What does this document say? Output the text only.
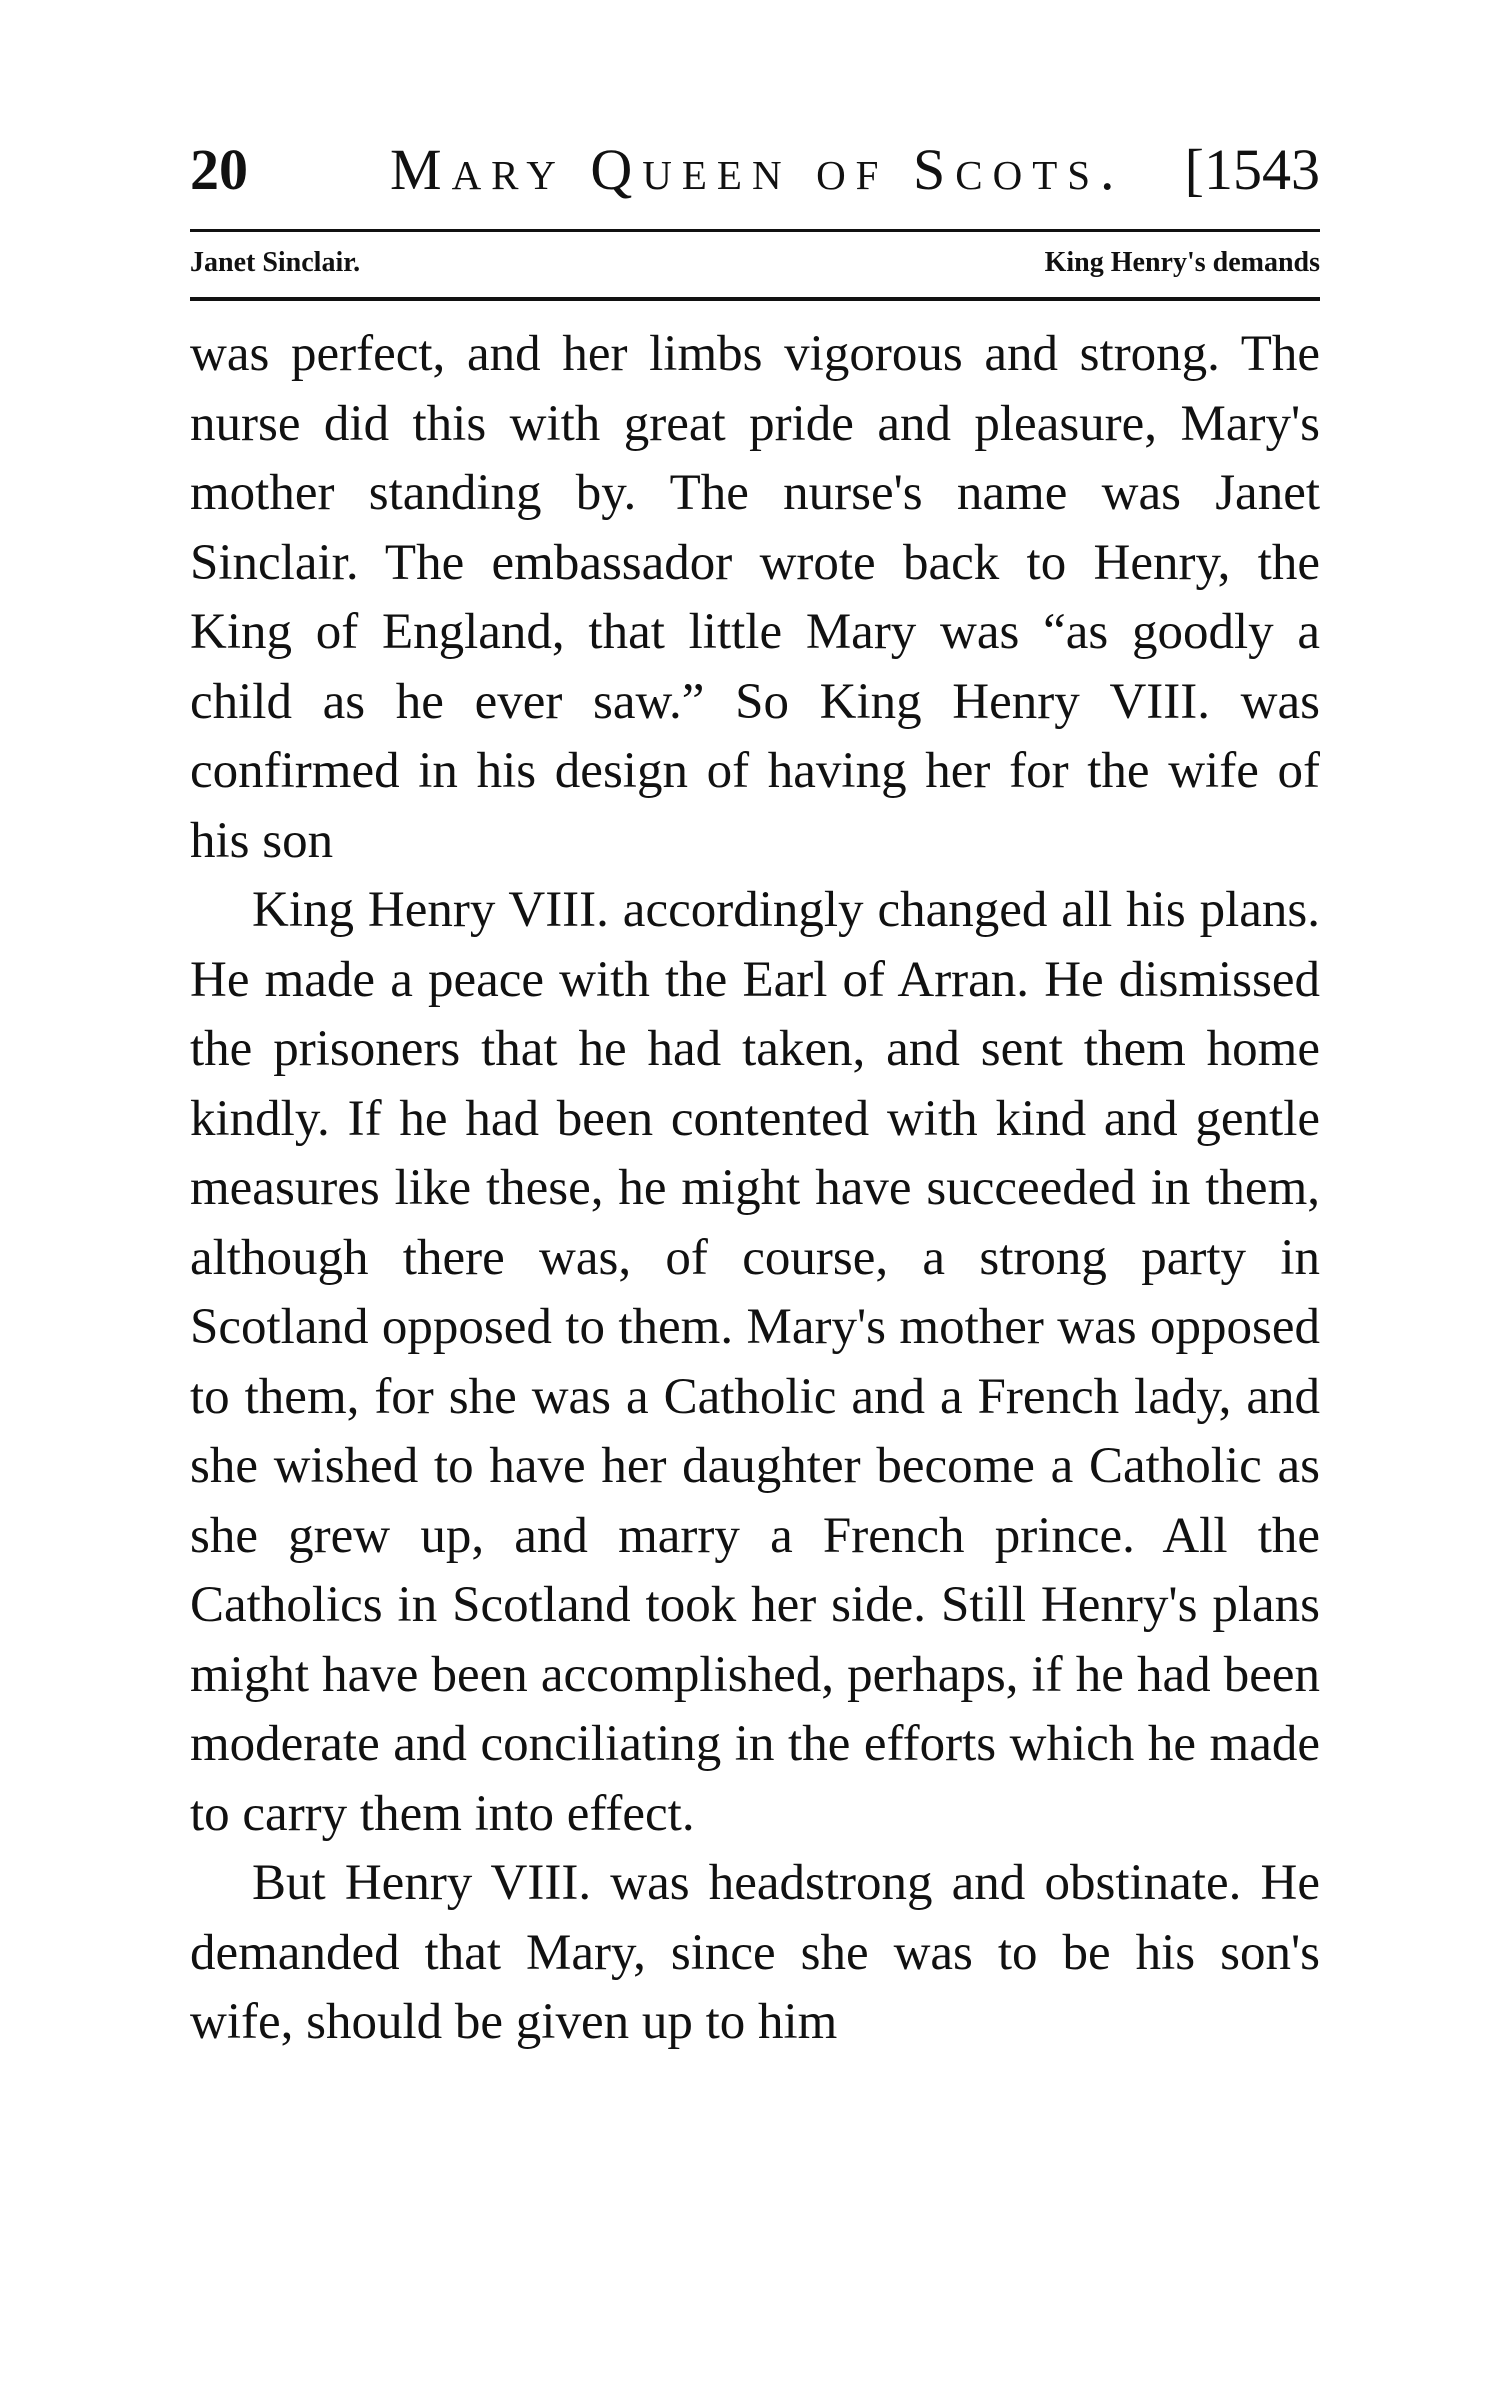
20 Mary Queen of Scots. [1543
Janet Sinclair.	King Henry's demands

was perfect, and her limbs vigorous and strong. The nurse did this with great pride and pleasure, Mary's mother standing by. The nurse's name was Janet Sinclair. The embassador wrote back to Henry, the King of England, that little Mary was “as goodly a child as he ever saw.” So King Henry VIII. was confirmed in his design of having her for the wife of his son

King Henry VIII. accordingly changed all his plans. He made a peace with the Earl of Arran. He dismissed the prisoners that he had taken, and sent them home kindly. If he had been contented with kind and gentle measures like these, he might have succeeded in them, although there was, of course, a strong party in Scotland opposed to them. Mary's mother was opposed to them, for she was a Catholic and a French lady, and she wished to have her daughter become a Catholic as she grew up, and marry a French prince. All the Catholics in Scotland took her side. Still Henry's plans might have been accomplished, perhaps, if he had been moderate and conciliating in the efforts which he made to carry them into effect.

But Henry VIII. was headstrong and obstinate. He demanded that Mary, since she was to be his son's wife, should be given up to him
